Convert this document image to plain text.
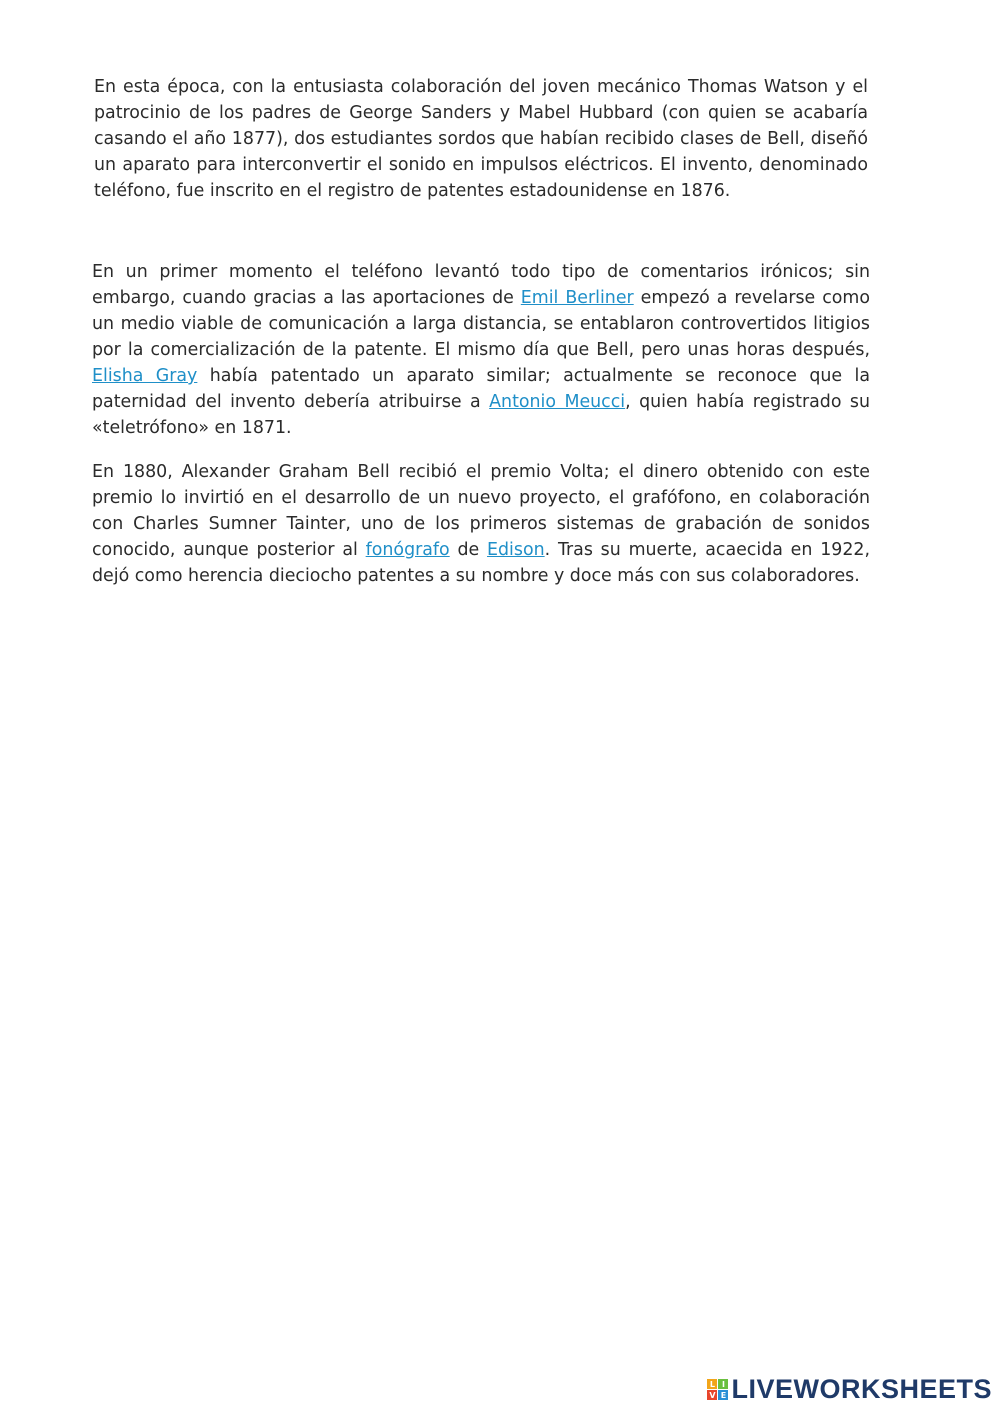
En esta época, con la entusiasta colaboración del joven mecánico Thomas Watson y el patrocinio de los padres de George Sanders y Mabel Hubbard (con quien se acabaría casando el año 1877), dos estudiantes sordos que habían recibido clases de Bell, diseñó un aparato para interconvertir el sonido en impulsos eléctricos. El invento, denominado teléfono, fue inscrito en el registro de patentes estadounidense en 1876.

En un primer momento el teléfono levantó todo tipo de comentarios irónicos; sin embargo, cuando gracias a las aportaciones de Emil Berliner empezó a revelarse como un medio viable de comunicación a larga distancia, se entablaron controvertidos litigios por la comercialización de la patente. El mismo día que Bell, pero unas horas después, Elisha Gray había patentado un aparato similar; actualmente se reconoce que la paternidad del invento debería atribuirse a Antonio Meucci, quien había registrado su «teletrófono» en 1871.

En 1880, Alexander Graham Bell recibió el premio Volta; el dinero obtenido con este premio lo invirtió en el desarrollo de un nuevo proyecto, el grafófono, en colaboración con Charles Sumner Tainter, uno de los primeros sistemas de grabación de sonidos conocido, aunque posterior al fonógrafo de Edison. Tras su muerte, acaecida en 1922, dejó como herencia dieciocho patentes a su nombre y doce más con sus colaboradores.

L I
V E LIVEWORKSHEETS
